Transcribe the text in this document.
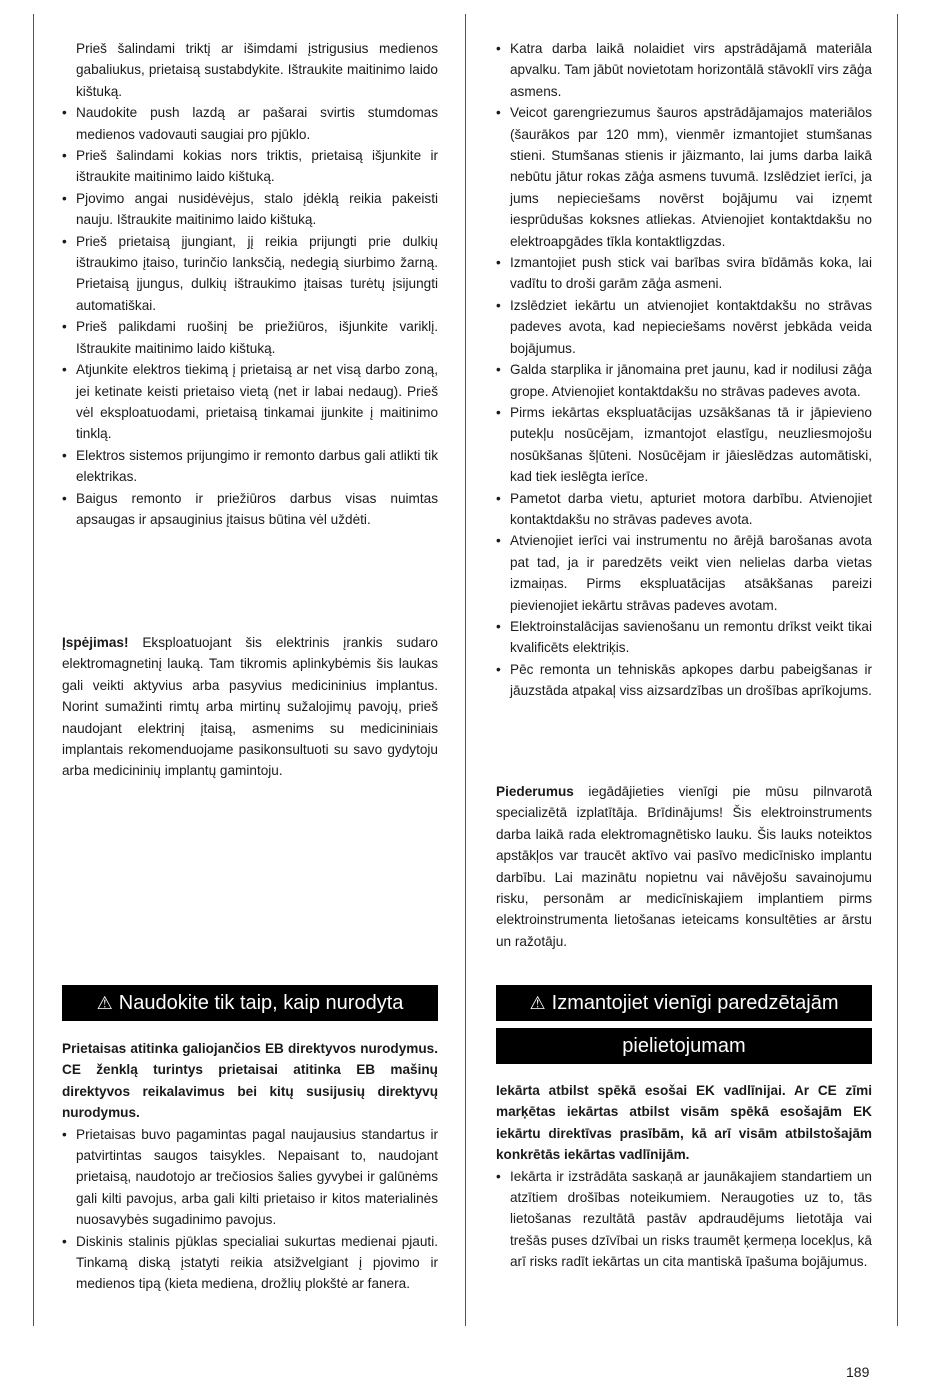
Prieš šalindami triktį ar išimdami įstrigusius medienos gabaliukus, prietaisą sustabdykite. Ištraukite maitinimo laido kištuką.

• Naudokite push lazdą ar pašarai svirtis stumdomas medienos vadovauti saugiai pro pjūklo.
• Prieš šalindami kokias nors triktis, prietaisą išjunkite ir ištraukite maitinimo laido kištuką.
• Pjovimo angai nusidėvėjus, stalo įdėklą reikia pakeisti nauju. Ištraukite maitinimo laido kištuką.
• Prieš prietaisą įjungiant, jį reikia prijungti prie dulkių ištraukimo įtaiso, turinčio lanksčią, nedegią siurbimo žarną. Prietaisą įjungus, dulkių ištraukimo įtaisas turėtų įsijungti automatiškai.
• Prieš palikdami ruošinį be priežiūros, išjunkite variklį. Ištraukite maitinimo laido kištuką.
• Atjunkite elektros tiekimą į prietaisą ar net visą darbo zoną, jei ketinate keisti prietaiso vietą (net ir labai nedaug). Prieš vėl eksploatuodami, prietaisą tinkamai įjunkite į maitinimo tinklą.
• Elektros sistemos prijungimo ir remonto darbus gali atlikti tik elektrikas.
• Baigus remonto ir priežiūros darbus visas nuimtas apsaugas ir apsauginius įtaisus būtina vėl uždėti.
Įspėjimas! Eksploatuojant šis elektrinis įrankis sudaro elektromagnetinį lauką. Tam tikromis aplinkybėmis šis laukas gali veikti aktyvius arba pasyvius medicininius implantus. Norint sumažinti rimtų arba mirtinų sužalojimų pavojų, prieš naudojant elektrinį įtaisą, asmenims su medicininiais implantais rekomenduojame pasikonsultuoti su savo gydytoju arba medicininių implantų gamintoju.
⚠ Naudokite tik taip, kaip nurodyta

Prietaisas atitinka galiojančios EB direktyvos nurodymus. CE ženklą turintys prietaisai atitinka EB mašinų direktyvos reikalavimus bei kitų susijusių direktyvų nurodymus.

• Prietaisas buvo pagamintas pagal naujausius standartus ir patvirtintas saugos taisykles. Nepaisant to, naudojant prietaisą, naudotojo ar trečiosios šalies gyvybei ir galūnėms gali kilti pavojus, arba gali kilti prietaiso ir kitos materialinės nuosavybės sugadinimo pavojus.
• Diskinis stalinis pjūklas specialiai sukurtas medienai pjauti. Tinkamą diską įstatyti reikia atsižvelgiant į pjovimo ir medienos tipą (kieta mediena, drožlių plokštė ar fanera.
• Katra darba laikā nolaidiet virs apstrādājamā materiāla apvalku. Tam jābūt novietotam horizontālā stāvoklī virs zāģa asmens.
• Veicot garengriezumus šauros apstrādājamajos materiālos (šaurākos par 120 mm), vienmēr izmantojiet stumšanas stieni. Stumšanas stienis ir jāizmanto, lai jums darba laikā nebūtu jātur rokas zāģa asmens tuvumā. Izslēdziet ierīci, ja jums nepieciešams novērst bojājumu vai izņemt iesprūdušas koksnes atliekas. Atvienojiet kontaktdakšu no elektroapgādes tīkla kontaktligzdas.
• Izmantojiet push stick vai barības svira bīdāmās koka, lai vadītu to droši garām zāģa asmeni.
• Izslēdziet iekārtu un atvienojiet kontaktdakšu no strāvas padeves avota, kad nepieciešams novērst jebkāda veida bojājumus.
• Galda starplika ir jānomaina pret jaunu, kad ir nodilusi zāģa grope. Atvienojiet kontaktdakšu no strāvas padeves avota.
• Pirms iekārtas ekspluatācijas uzsākšanas tā ir jāpievieno putekļu nosūcējam, izmantojot elastīgu, neuzliesmojošu nosūkšanas šļūteni. Nosūcējam ir jāieslēdzas automātiski, kad tiek ieslēgta ierīce.
• Pametot darba vietu, apturiet motora darbību. Atvienojiet kontaktdakšu no strāvas padeves avota.
• Atvienojiet ierīci vai instrumentu no ārējā barošanas avota pat tad, ja ir paredzēts veikt vien nelielas darba vietas izmaiņas. Pirms ekspluatācijas atsākšanas pareizi pievienojiet iekārtu strāvas padeves avotam.
• Elektroinstalācijas savienošanu un remontu drīkst veikt tikai kvalificēts elektriķis.
• Pēc remonta un tehniskās apkopes darbu pabeigšanas ir jāuzstāda atpakaļ viss aizsardzības un drošības aprīkojums.
Piederumus iegādājieties vienīgi pie mūsu pilnvarotā specializētā izplatītāja. Brīdinājums! Šis elektroinstruments darba laikā rada elektromagnētisko lauku. Šis lauks noteiktos apstākļos var traucēt aktīvo vai pasīvo medicīnisko implantu darbību. Lai mazinātu nopietnu vai nāvējošu savainojumu risku, personām ar medicīniskajiem implantiem pirms elektroinstrumenta lietošanas ieteicams konsultēties ar ārstu un ražotāju.
⚠ Izmantojiet vienīgi paredzētajām
pielietojumam

Iekārta atbilst spēkā esošai EK vadlīnijai. Ar CE zīmi marķētas iekārtas atbilst visām spēkā esošajām EK iekārtu direktīvas prasībām, kā arī visām atbilstošajām konkrētās iekārtas vadlīnijām.

• Iekārta ir izstrādāta saskaņā ar jaunākajiem standartiem un atzītiem drošības noteikumiem. Neraugoties uz to, tās lietošanas rezultātā pastāv apdraudējums lietotāja vai trešās puses dzīvībai un risks traumēt ķermeņa locekļus, kā arī risks radīt iekārtas un cita mantiskā īpašuma bojājumus.
189
